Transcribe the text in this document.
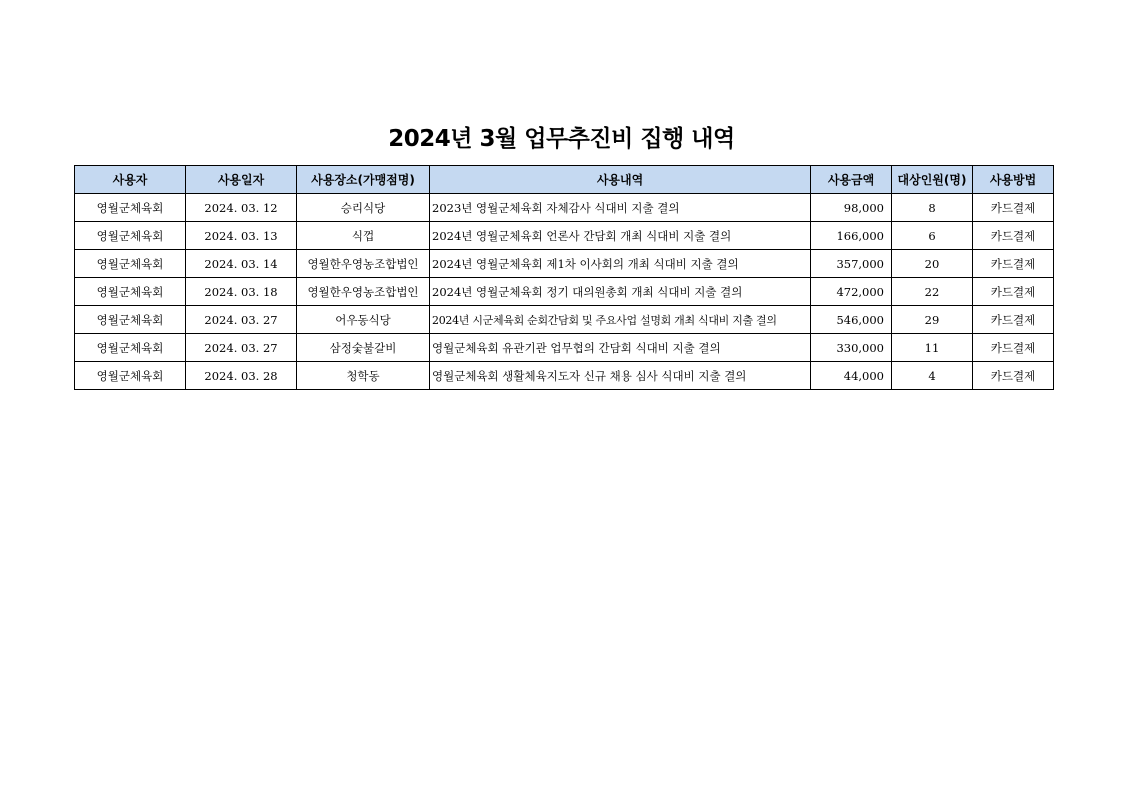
2024년 3월 업무추진비 집행 내역
사용자	사용일자	사용장소(가맹점명)	사용내역	사용금액	대상인원(명)	사용방법
영월군체육회	2024. 03. 12	승리식당	2023년 영월군체육회 자체감사 식대비 지출 결의	98,000	8	카드결제
영월군체육회	2024. 03. 13	식껍	2024년 영월군체육회 언론사 간담회 개최 식대비 지출 결의	166,000	6	카드결제
영월군체육회	2024. 03. 14	영월한우영농조합법인	2024년 영월군체육회 제1차 이사회의 개최 식대비 지출 결의	357,000	20	카드결제
영월군체육회	2024. 03. 18	영월한우영농조합법인	2024년 영월군체육회 정기 대의원총회 개최 식대비 지출 결의	472,000	22	카드결제
영월군체육회	2024. 03. 27	어우동식당	2024년 시군체육회 순회간담회 및 주요사업 설명회 개최 식대비 지출 결의	546,000	29	카드결제
영월군체육회	2024. 03. 27	삼정숯불갈비	영월군체육회 유관기관 업무협의 간담회 식대비 지출 결의	330,000	11	카드결제
영월군체육회	2024. 03. 28	청학동	영월군체육회 생활체육지도자 신규 채용 심사 식대비 지출 결의	44,000	4	카드결제
